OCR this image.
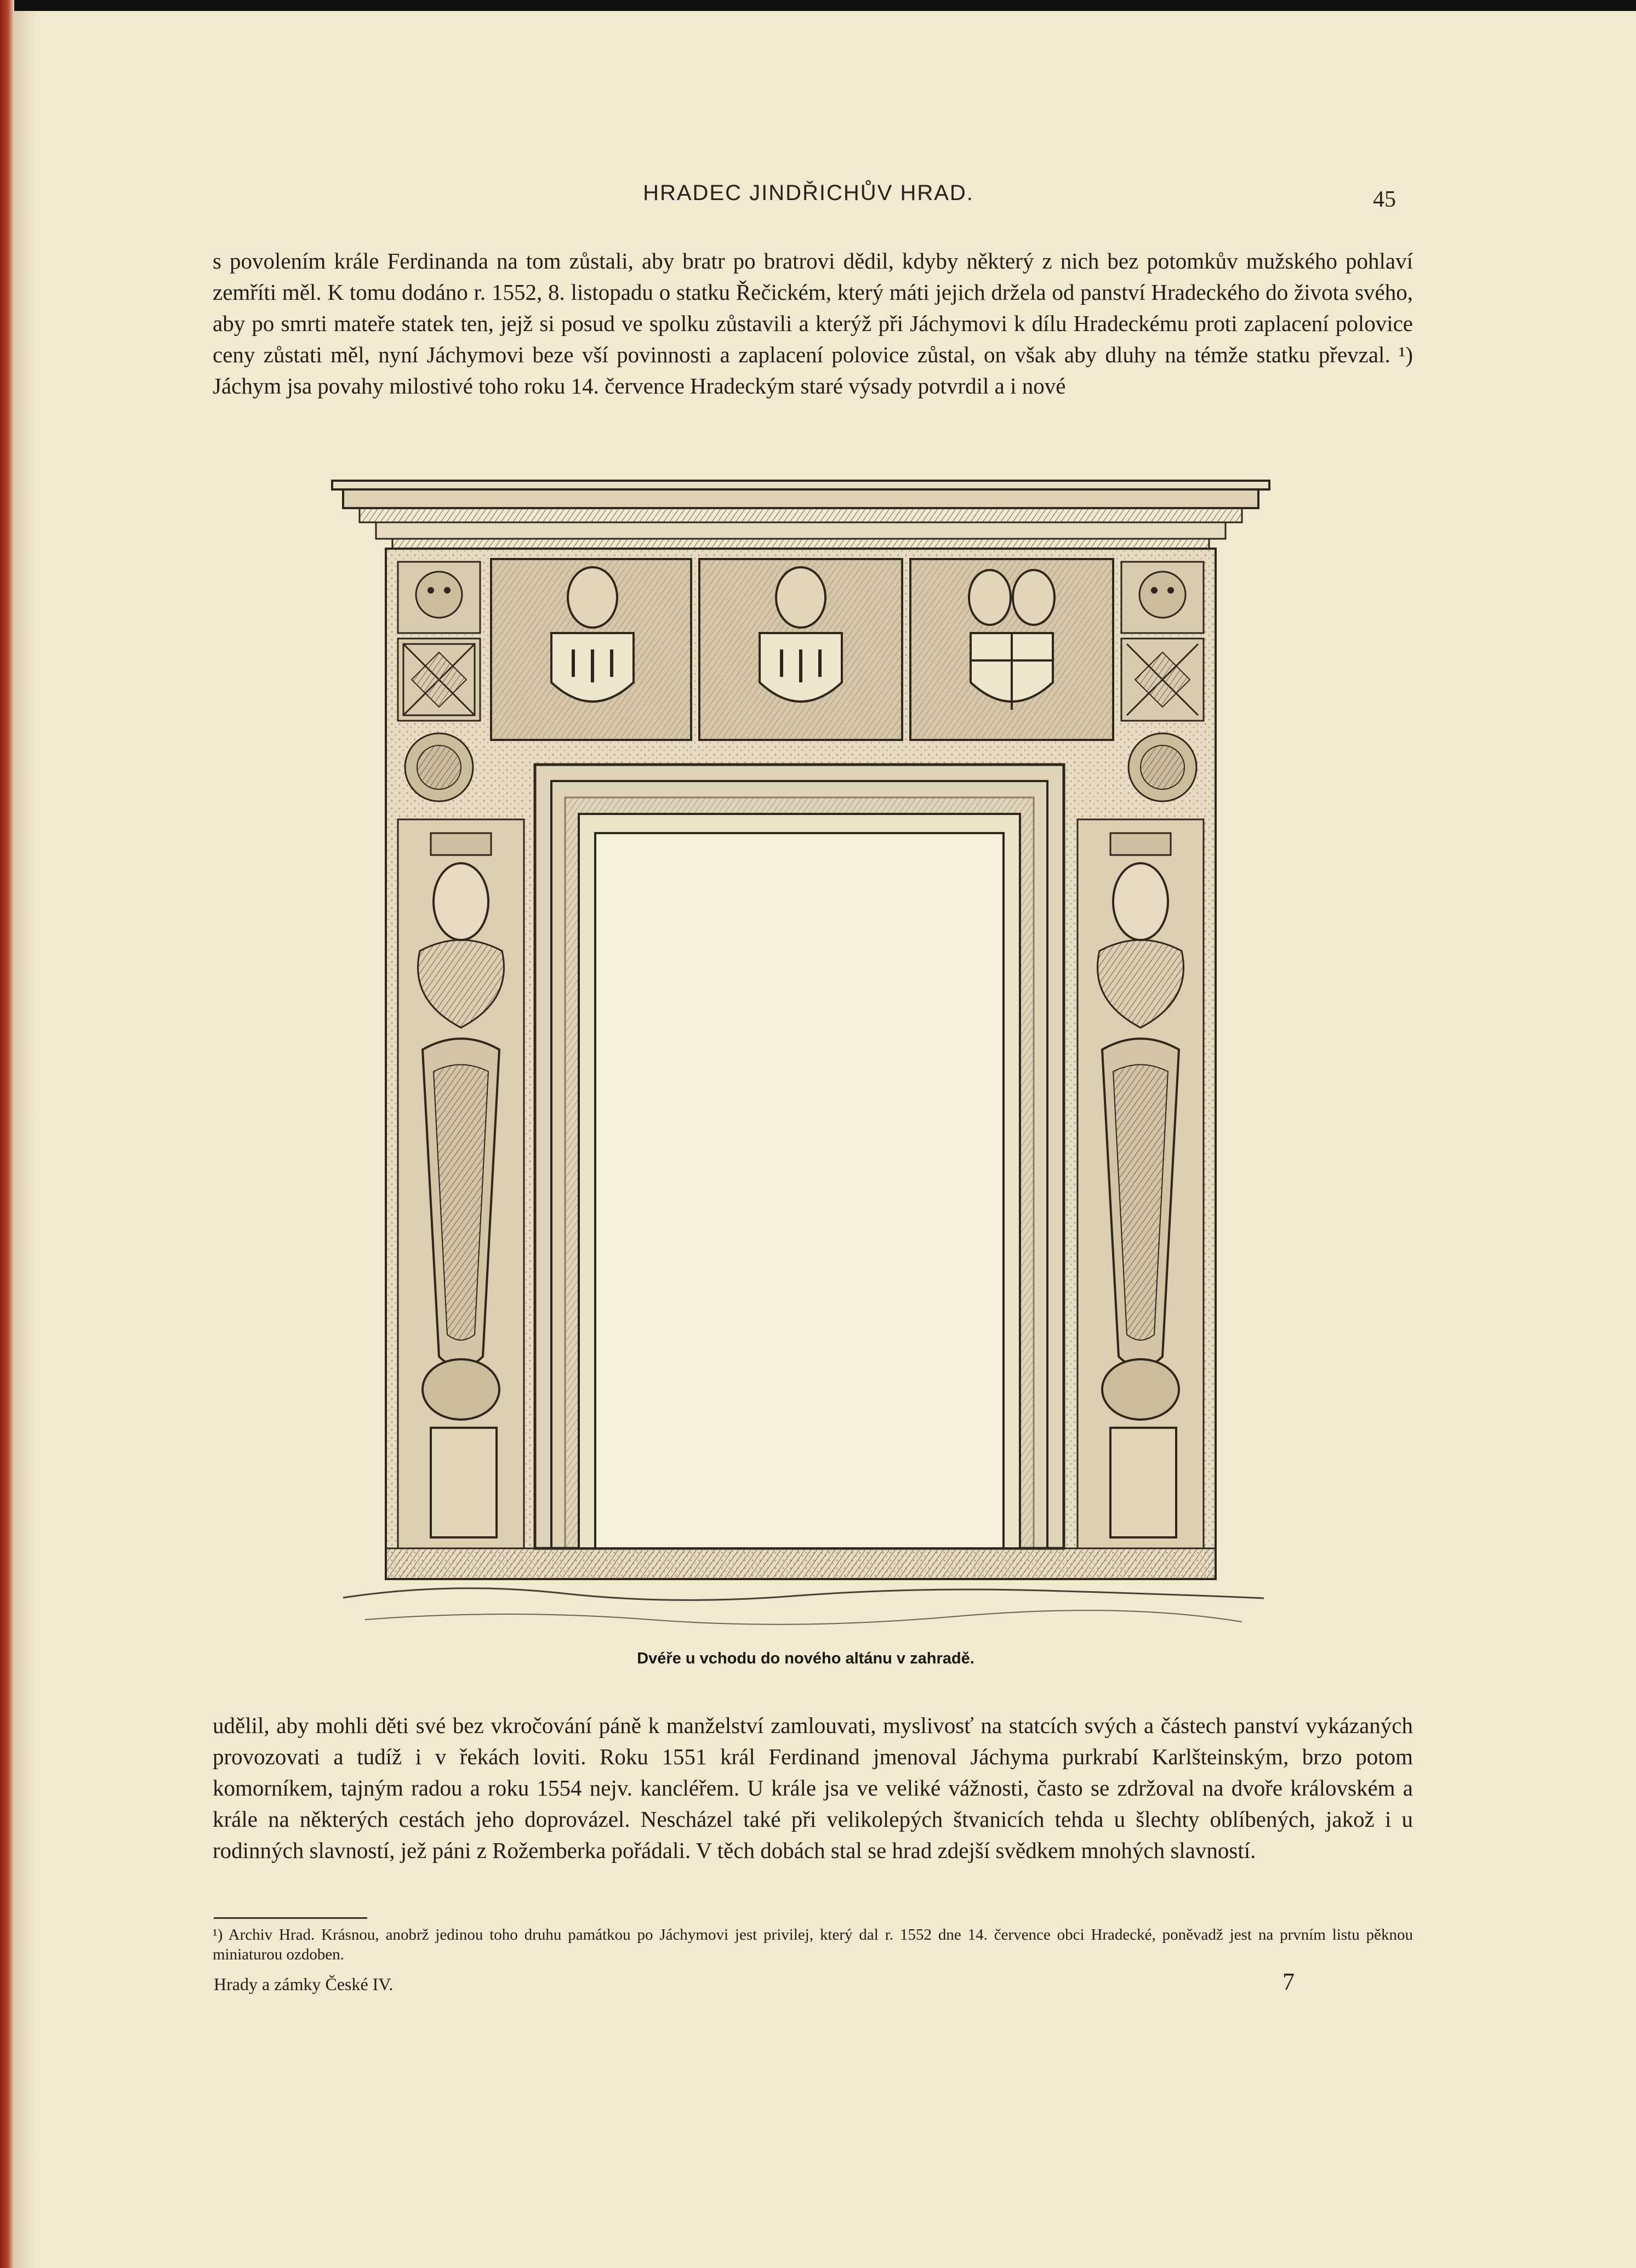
HRADEC JINDŘICHŮV HRAD.	45

s povolením krále Ferdinanda na tom zůstali, aby bratr po bratrovi dědil, kdyby některý z nich bez potomkův mužského pohlaví zemříti měl. K tomu dodáno r. 1552, 8. listopadu o statku Řečickém, který máti jejich držela od panství Hradeckého do života svého, aby po smrti mateře statek ten, jejž si posud ve spolku zůstavili a kterýž při Jáchymovi k dílu Hradeckému proti zaplacení polovice ceny zůstati měl, nyní Jáchymovi beze vší povinnosti a zaplacení polovice zůstal, on však aby dluhy na témže statku převzal. ¹) Jáchym jsa povahy milostivé toho roku 14. července Hradeckým staré výsady potvrdil a i nové

Dvéře u vchodu do nového altánu v zahradě.

udělil, aby mohli děti své bez vkročování páně k manželství zamlouvati, myslivosť na statcích svých a částech panství vykázaných provozovati a tudíž i v řekách loviti. Roku 1551 král Ferdinand jmenoval Jáchyma purkrabí Karlšteinským, brzo potom komorníkem, tajným radou a roku 1554 nejv. kancléřem. U krále jsa ve veliké vážnosti, často se zdržoval na dvoře královském a krále na některých cestách jeho doprovázel. Nescházel také při velikolepých štvanicích tehda u šlechty oblíbených, jakož i u rodinných slavností, jež páni z Rožemberka pořádali. V těch dobách stal se hrad zdejší svědkem mnohých slavností.

¹) Archiv Hrad. Krásnou, anobrž jedinou toho druhu památkou po Jáchymovi jest privilej, který dal r. 1552 dne 14. července obci Hradecké, poněvadž jest na prvním listu pěknou miniaturou ozdoben.
Hrady a zámky České IV.	7
